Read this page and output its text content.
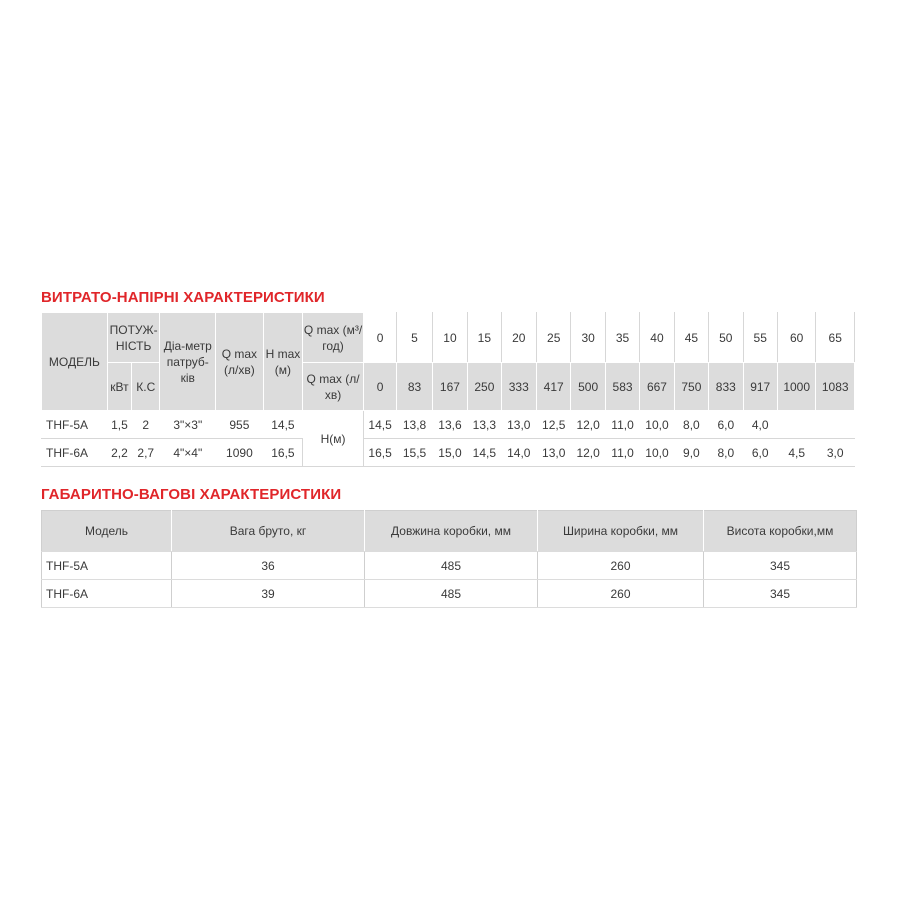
ВИТРАТО-НАПІРНІ ХАРАКТЕРИСТИКИ
МОДЕЛЬ	ПОТУЖ-НІСТЬ		Діа-метр патруб-ків	Q max (л/хв)	H max (м)	Q max (м³/год)	0	5	10	15	20	25	30	35	40	45	50	55	60	65
	кВт	К.С				Q max (л/хв)	0	83	167	250	333	417	500	583	667	750	833	917	1000	1083
THF-5A	1,5	2	3"×3"	955	14,5	H(м)	14,5	13,8	13,6	13,3	13,0	12,5	12,0	11,0	10,0	8,0	6,0	4,0		
THF-6A	2,2	2,7	4"×4"	1090	16,5		16,5	15,5	15,0	14,5	14,0	13,0	12,0	11,0	10,0	9,0	8,0	6,0	4,5	3,0
ГАБАРИТНО-ВАГОВІ ХАРАКТЕРИСТИКИ
Модель	Вага бруто, кг	Довжина коробки, мм	Ширина коробки, мм	Висота коробки,мм
THF-5A	36	485	260	345
THF-6A	39	485	260	345
